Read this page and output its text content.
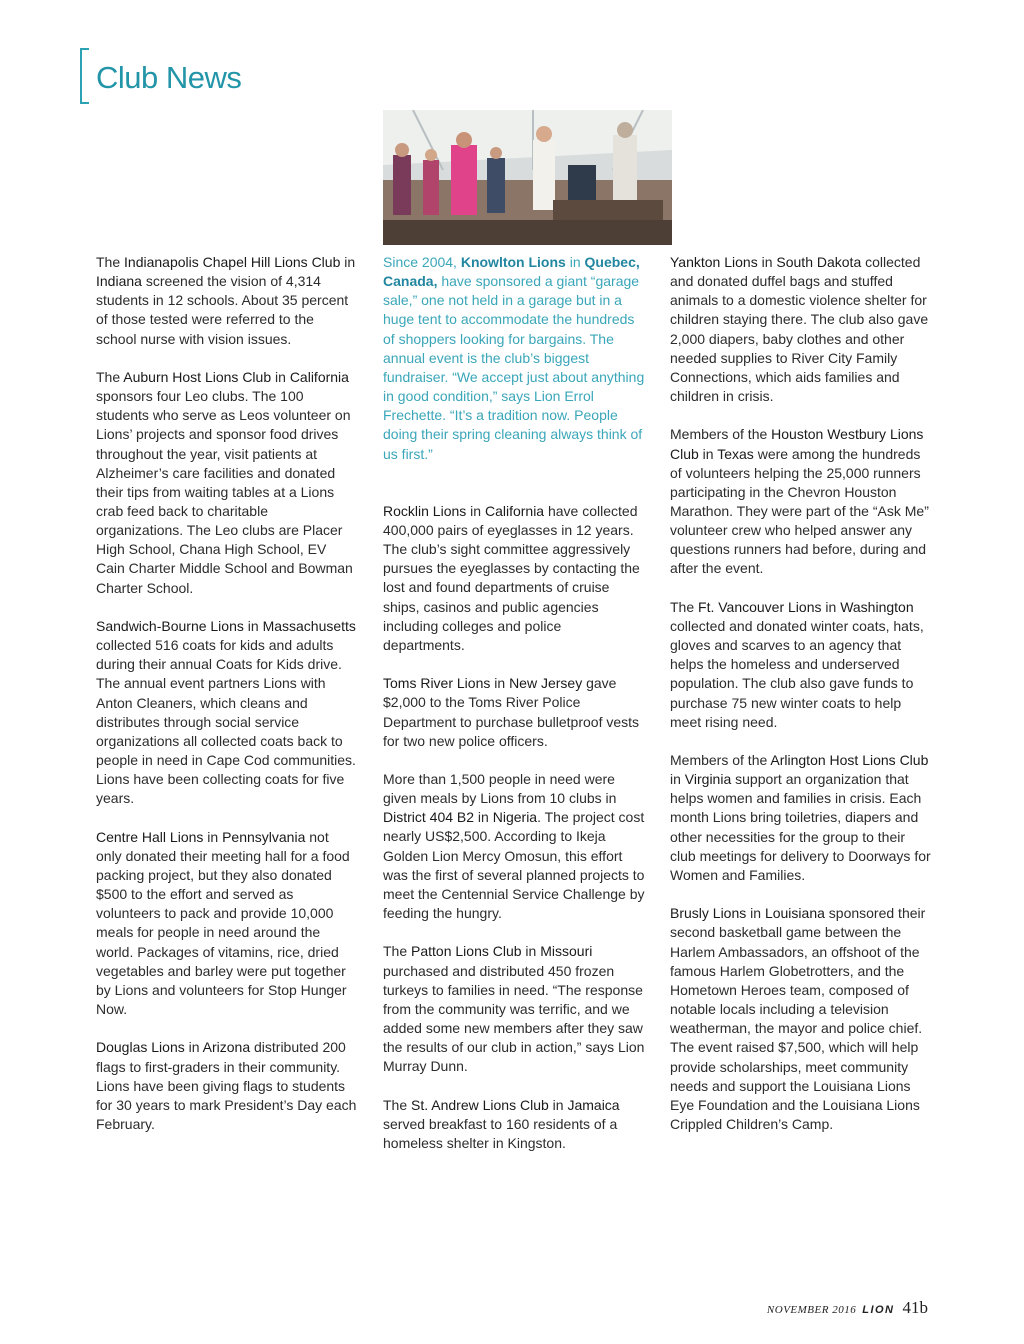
Club News

The Indianapolis Chapel Hill Lions Club in Indiana screened the vision of 4,314 students in 12 schools. About 35 percent of those tested were referred to the school nurse with vision issues.

The Auburn Host Lions Club in California sponsors four Leo clubs. The 100 students who serve as Leos volunteer on Lions’ projects and sponsor food drives throughout the year, visit patients at Alzheimer’s care facilities and donated their tips from waiting tables at a Lions crab feed back to charitable organizations. The Leo clubs are Placer High School, Chana High School, EV Cain Charter Middle School and Bowman Charter School.

Sandwich-Bourne Lions in Massachusetts collected 516 coats for kids and adults during their annual Coats for Kids drive. The annual event partners Lions with Anton Cleaners, which cleans and distributes through social service organizations all collected coats back to people in need in Cape Cod communities. Lions have been collecting coats for five years.

Centre Hall Lions in Pennsylvania not only donated their meeting hall for a food packing project, but they also donated $500 to the effort and served as volunteers to pack and provide 10,000 meals for people in need around the world. Packages of vitamins, rice, dried vegetables and barley were put together by Lions and volunteers for Stop Hunger Now.

Douglas Lions in Arizona distributed 200 flags to first-graders in their community. Lions have been giving flags to students for 30 years to mark President’s Day each February.

Since 2004, Knowlton Lions in Quebec, Canada, have sponsored a giant “garage sale,” one not held in a garage but in a huge tent to accommodate the hundreds of shoppers looking for bargains. The annual event is the club’s biggest fundraiser. “We accept just about anything in good condition,” says Lion Errol Frechette. “It’s a tradition now. People doing their spring cleaning always think of us first.”

Rocklin Lions in California have collected 400,000 pairs of eyeglasses in 12 years. The club’s sight committee aggressively pursues the eyeglasses by contacting the lost and found departments of cruise ships, casinos and public agencies including colleges and police departments.

Toms River Lions in New Jersey gave $2,000 to the Toms River Police Department to purchase bulletproof vests for two new police officers.

More than 1,500 people in need were given meals by Lions from 10 clubs in District 404 B2 in Nigeria. The project cost nearly US$2,500. According to Ikeja Golden Lion Mercy Omosun, this effort was the first of several planned projects to meet the Centennial Service Challenge by feeding the hungry.

The Patton Lions Club in Missouri purchased and distributed 450 frozen turkeys to families in need. “The response from the community was terrific, and we added some new members after they saw the results of our club in action,” says Lion Murray Dunn.

The St. Andrew Lions Club in Jamaica served breakfast to 160 residents of a homeless shelter in Kingston.

Yankton Lions in South Dakota collected and donated duffel bags and stuffed animals to a domestic violence shelter for children staying there. The club also gave 2,000 diapers, baby clothes and other needed supplies to River City Family Connections, which aids families and children in crisis.

Members of the Houston Westbury Lions Club in Texas were among the hundreds of volunteers helping the 25,000 runners participating in the Chevron Houston Marathon. They were part of the “Ask Me” volunteer crew who helped answer any questions runners had before, during and after the event.

The Ft. Vancouver Lions in Washington collected and donated winter coats, hats, gloves and scarves to an agency that helps the homeless and underserved population. The club also gave funds to purchase 75 new winter coats to help meet rising need.

Members of the Arlington Host Lions Club in Virginia support an organization that helps women and families in crisis. Each month Lions bring toiletries, diapers and other necessities for the group to their club meetings for delivery to Doorways for Women and Families.

Brusly Lions in Louisiana sponsored their second basketball game between the Harlem Ambassadors, an offshoot of the famous Harlem Globetrotters, and the Hometown Heroes team, composed of notable locals including a television weatherman, the mayor and police chief. The event raised $7,500, which will help provide scholarships, meet community needs and support the Louisiana Lions Eye Foundation and the Louisiana Lions Crippled Children’s Camp.

NOVEMBER 2016 LION 41b
